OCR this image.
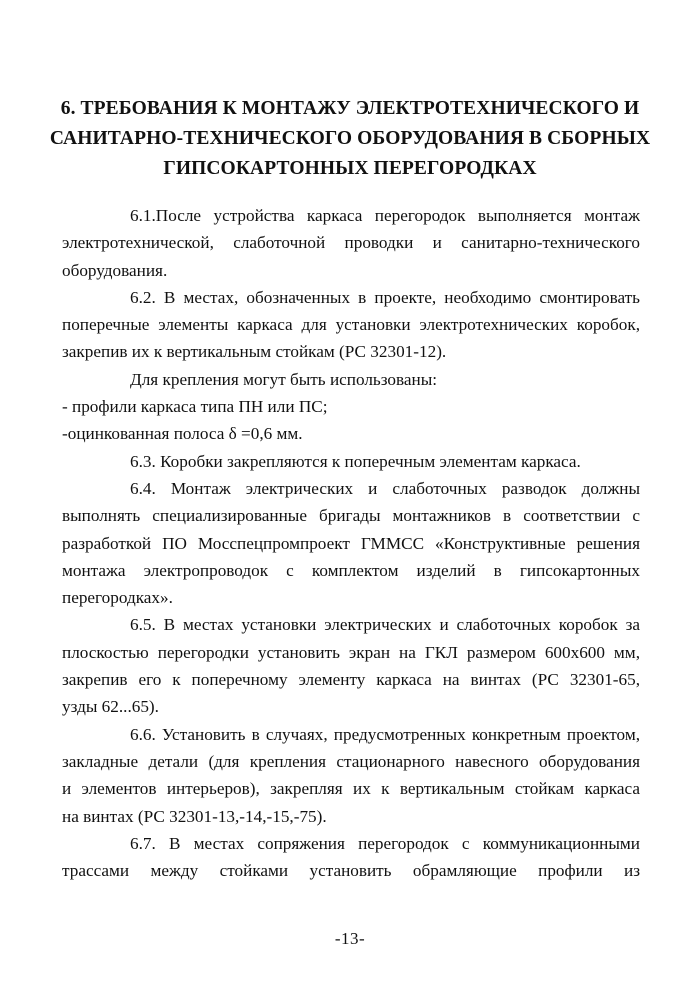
6. ТРЕБОВАНИЯ К МОНТАЖУ ЭЛЕКТРОТЕХНИЧЕСКОГО И
САНИТАРНО-ТЕХНИЧЕСКОГО ОБОРУДОВАНИЯ В СБОРНЫХ
ГИПСОКАРТОННЫХ ПЕРЕГОРОДКАХ
6.1.После устройства каркаса перегородок выполняется монтаж
электротехнической, слаботочной проводки и санитарно-технического
оборудования.
6.2. В местах, обозначенных в проекте, необходимо смонтировать
поперечные элементы каркаса для установки электротехнических коробок,
закрепив их к вертикальным стойкам (РС 32301-12).
Для крепления могут быть использованы:
- профили каркаса типа ПН или ПС;
-оцинкованная полоса δ =0,6 мм.
6.3. Коробки закрепляются к поперечным элементам каркаса.
6.4. Монтаж электрических и слаботочных разводок должны
выполнять специализированные бригады монтажников в соответствии с
разработкой ПО Мосспецпромпроект ГММСС «Конструктивные решения
монтажа электропроводок с комплектом изделий в гипсокартонных
перегородках».
6.5. В местах установки электрических и слаботочных коробок за
плоскостью перегородки установить экран на ГКЛ размером 600х600 мм,
закрепив его к поперечному элементу каркаса на винтах (РС 32301-65,
узды 62...65).
6.6. Установить в случаях, предусмотренных конкретным проектом,
закладные детали (для крепления стационарного навесного оборудования
и элементов интерьеров), закрепляя их к вертикальным стойкам каркаса
на винтах (РС 32301-13,-14,-15,-75).
6.7. В местах сопряжения перегородок с коммуникационными
трассами между стойками установить обрамляющие профили из
-13-
